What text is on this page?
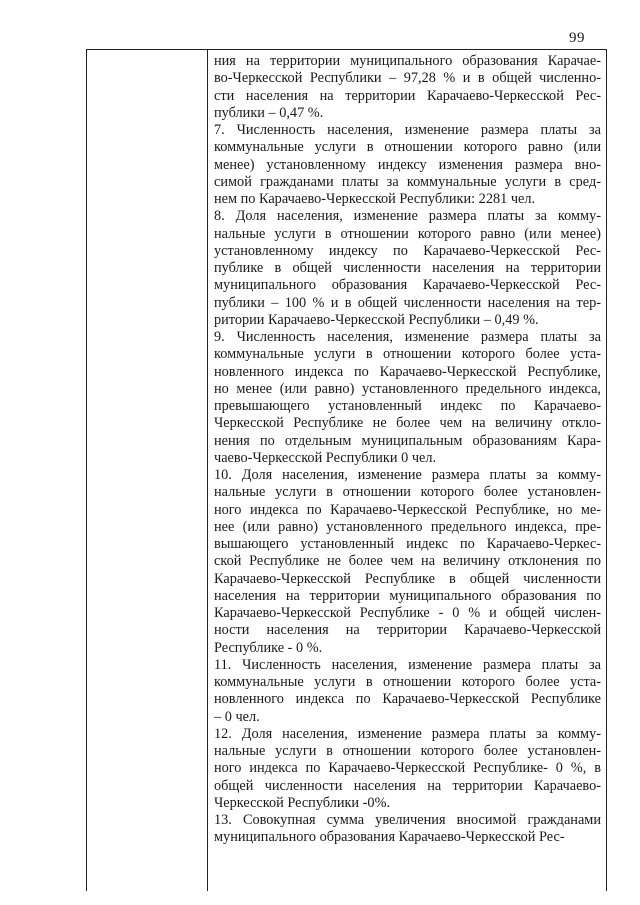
99

ния на территории муниципального образования Карачае-
во-Черкесской Республики – 97,28 % и в общей численно-
сти населения на территории Карачаево-Черкесской Рес-
публики – 0,47 %.

7. Численность населения, изменение размера платы за
коммунальные услуги в отношении которого равно (или
менее) установленному индексу изменения размера вно-
симой гражданами платы за коммунальные услуги в сред-
нем по Карачаево-Черкесской Республики: 2281 чел.

8. Доля населения, изменение размера платы за комму-
нальные услуги в отношении которого равно (или менее)
установленному индексу по Карачаево-Черкесской Рес-
публике в общей численности населения на территории
муниципального образования Карачаево-Черкесской Рес-
публики – 100 % и в общей численности населения на тер-
ритории Карачаево-Черкесской Республики – 0,49 %.

9. Численность населения, изменение размера платы за
коммунальные услуги в отношении которого более уста-
новленного индекса по Карачаево-Черкесской Республике,
но менее (или равно) установленного предельного индекса,
превышающего установленный индекс по Карачаево-
Черкесской Республике не более чем на величину откло-
нения по отдельным муниципальным образованиям Кара-
чаево-Черкесской Республики 0 чел.

10. Доля населения, изменение размера платы за комму-
нальные услуги в отношении которого более установлен-
ного индекса по Карачаево-Черкесской Республике, но ме-
нее (или равно) установленного предельного индекса, пре-
вышающего установленный индекс по Карачаево-Черкес-
ской Республике не более чем на величину отклонения по
Карачаево-Черкесской Республике в общей численности
населения на территории муниципального образования по
Карачаево-Черкесской Республике - 0 % и общей числен-
ности населения на территории Карачаево-Черкесской
Республике - 0 %.

11. Численность населения, изменение размера платы за
коммунальные услуги в отношении которого более уста-
новленного индекса по Карачаево-Черкесской Республике
– 0 чел.

12. Доля населения, изменение размера платы за комму-
нальные услуги в отношении которого более установлен-
ного индекса по Карачаево-Черкесской Республике- 0 %, в
общей численности населения на территории Карачаево-
Черкесской Республики -0%.

13. Совокупная сумма увеличения вносимой гражданами
муниципального образования Карачаево-Черкесской Рес-
